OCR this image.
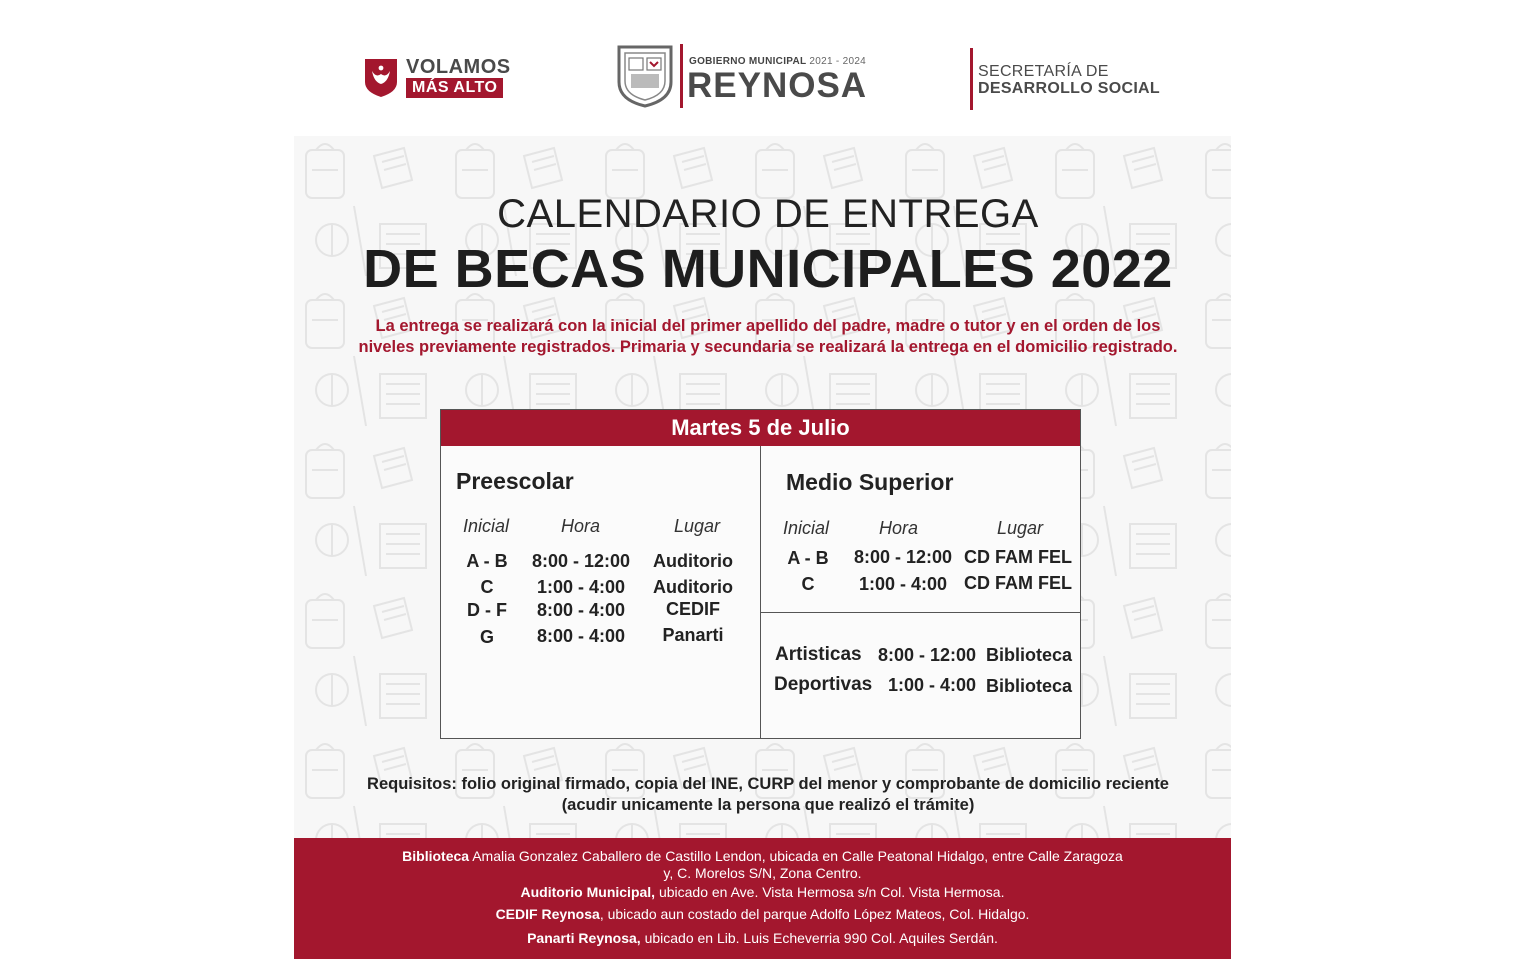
VOLAMOS
MÁS ALTO
GOBIERNO MUNICIPAL 2021 - 2024
REYNOSA	SECRETARÍA DE
DESARROLLO SOCIAL
CALENDARIO DE ENTREGA
DE BECAS MUNICIPALES 2022
La entrega se realizará con la inicial del primer apellido del padre, madre o tutor y en el orden de los
niveles previamente registrados. Primaria y secundaria se realizará la entrega en el domicilio registrado.
Martes 5 de Julio
Preescolar
Inicial	Hora	Lugar
A - B	8:00 - 12:00	Auditorio
C	1:00 - 4:00	Auditorio
D - F	8:00 - 4:00	CEDIF
G	8:00 - 4:00	Panarti
Medio Superior
Inicial	Hora	Lugar
A - B	8:00 - 12:00 CD FAM FEL
C	1:00 - 4:00 CD FAM FEL
Artisticas 8:00 - 12:00 Biblioteca
Deportivas 1:00 - 4:00 Biblioteca
Requisitos: folio original firmado, copia del INE, CURP del menor y comprobante de domicilio reciente
(acudir unicamente la persona que realizó el trámite)
Biblioteca Amalia Gonzalez Caballero de Castillo Lendon, ubicada en Calle Peatonal Hidalgo, entre Calle Zaragoza
y, C. Morelos S/N, Zona Centro.
Auditorio Municipal, ubicado en Ave. Vista Hermosa s/n Col. Vista Hermosa.
CEDIF Reynosa, ubicado aun costado del parque Adolfo López Mateos, Col. Hidalgo.
Panarti Reynosa, ubicado en Lib. Luis Echeverria 990 Col. Aquiles Serdán.
